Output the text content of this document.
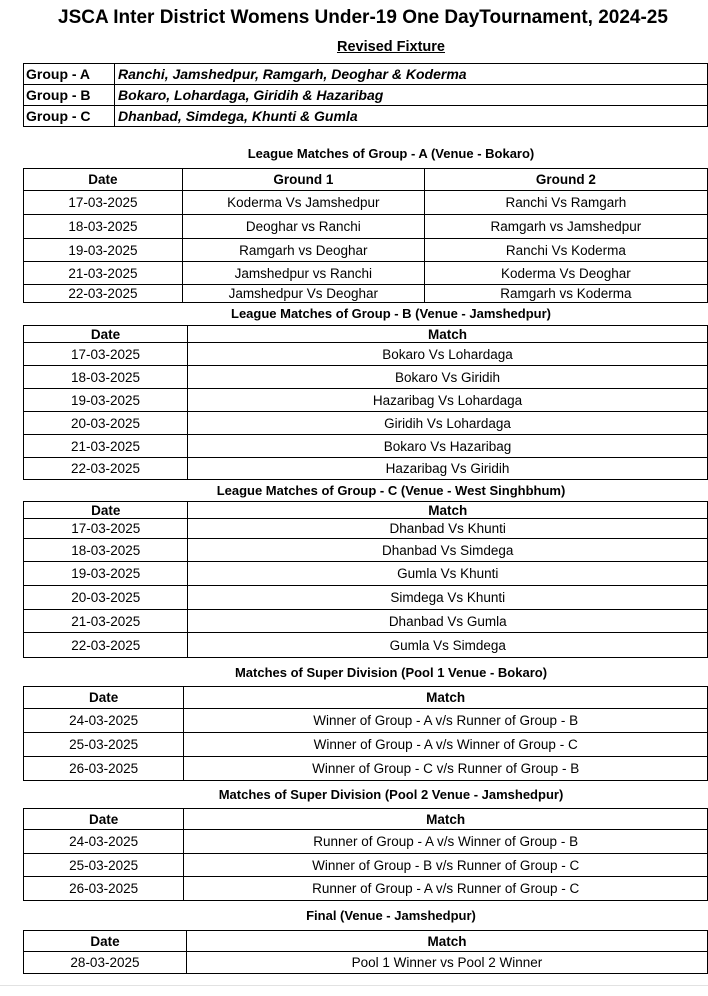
JSCA Inter District Womens Under-19 One DayTournament, 2024-25
Revised Fixture
Group - A	Ranchi, Jamshedpur, Ramgarh, Deoghar & Koderma
Group - B	Bokaro, Lohardaga, Giridih & Hazaribag
Group - C	Dhanbad, Simdega, Khunti & Gumla
League Matches of Group - A (Venue - Bokaro)
Date	Ground 1	Ground 2
17-03-2025	Koderma Vs Jamshedpur	Ranchi Vs Ramgarh
18-03-2025	Deoghar vs Ranchi	Ramgarh vs Jamshedpur
19-03-2025	Ramgarh vs Deoghar	Ranchi Vs Koderma
21-03-2025	Jamshedpur vs Ranchi	Koderma Vs Deoghar
22-03-2025	Jamshedpur Vs Deoghar	Ramgarh vs Koderma
League Matches of Group - B (Venue - Jamshedpur)
Date	Match
17-03-2025	Bokaro Vs Lohardaga
18-03-2025	Bokaro Vs Giridih
19-03-2025	Hazaribag Vs Lohardaga
20-03-2025	Giridih Vs Lohardaga
21-03-2025	Bokaro Vs Hazaribag
22-03-2025	Hazaribag Vs Giridih
League Matches of Group - C (Venue - West Singhbhum)
Date	Match
17-03-2025	Dhanbad Vs Khunti
18-03-2025	Dhanbad Vs Simdega
19-03-2025	Gumla Vs Khunti
20-03-2025	Simdega Vs Khunti
21-03-2025	Dhanbad Vs Gumla
22-03-2025	Gumla Vs Simdega
Matches of Super Division (Pool 1 Venue - Bokaro)
Date	Match
24-03-2025	Winner of Group - A v/s Runner of Group - B
25-03-2025	Winner of Group - A v/s Winner of Group - C
26-03-2025	Winner of Group - C v/s Runner of Group - B
Matches of Super Division (Pool 2 Venue - Jamshedpur)
Date	Match
24-03-2025	Runner of Group - A v/s Winner of Group - B
25-03-2025	Winner of Group - B v/s Runner of Group - C
26-03-2025	Runner of Group - A v/s Runner of Group - C
Final (Venue - Jamshedpur)
Date	Match
28-03-2025	Pool 1 Winner vs Pool 2 Winner
